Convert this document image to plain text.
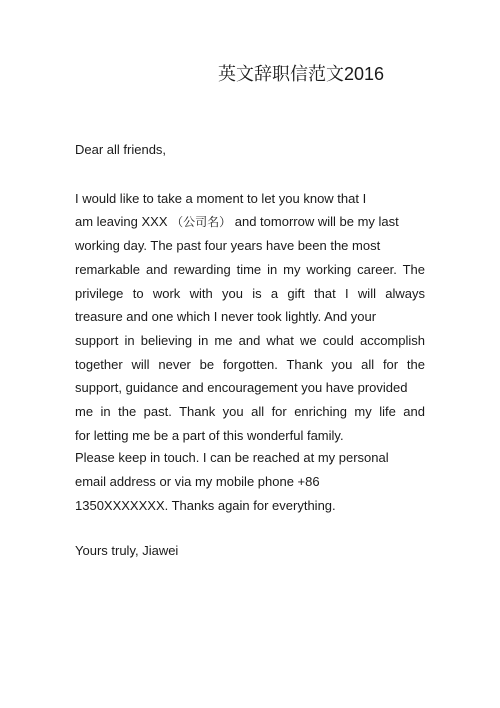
英文辞职信范文2016
Dear all friends,
I would like to take a moment to let you know that I
am leaving XXX （公司名） and tomorrow will be my last
working day. The past four years have been the most
remarkable and rewarding time in my working career. The
privilege to work with you is a gift that I will always
treasure and one which I never took lightly. And your
support in believing in me and what we could accomplish
together will never be forgotten. Thank you all for the
support, guidance and encouragement you have provided
me in the past. Thank you all for enriching my life and
for letting me be a part of this wonderful family.
Please keep in touch. I can be reached at my personal
email address or via my mobile phone +86
1350XXXXXXX. Thanks again for everything.
Yours truly, Jiawei
